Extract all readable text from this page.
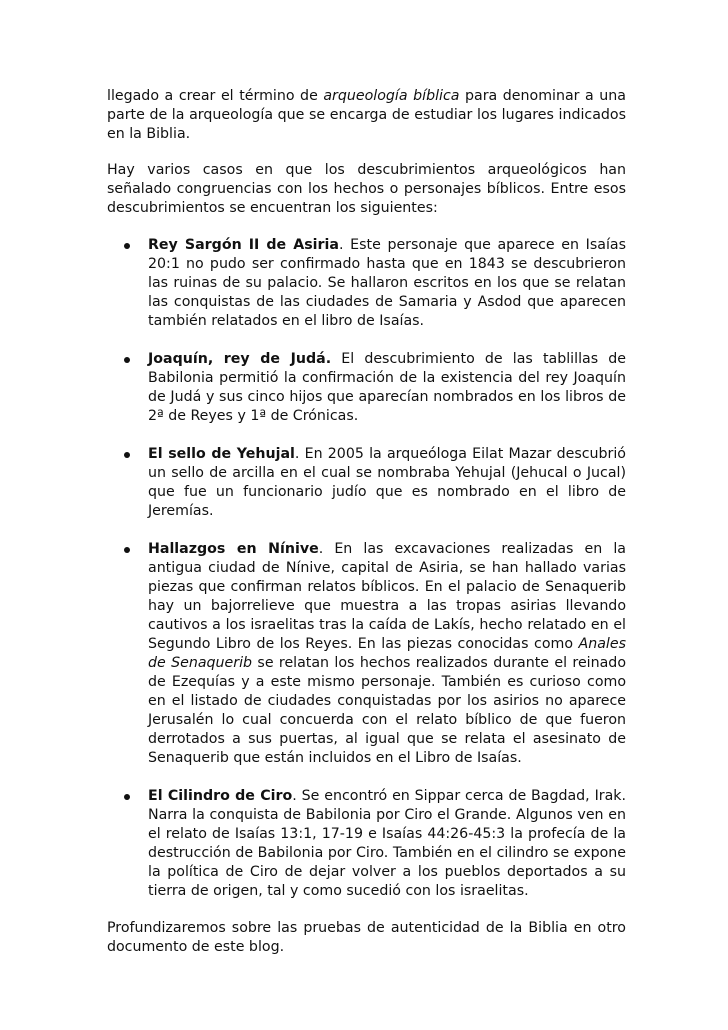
llegado a crear el término de arqueología bíblica para denominar a una parte de la arqueología que se encarga de estudiar los lugares indicados en la Biblia.

Hay varios casos en que los descubrimientos arqueológicos han señalado congruencias con los hechos o personajes bíblicos. Entre esos descubrimientos se encuentran los siguientes:

Rey Sargón II de Asiria. Este personaje que aparece en Isaías 20:1 no pudo ser confirmado hasta que en 1843 se descubrieron las ruinas de su palacio. Se hallaron escritos en los que se relatan las conquistas de las ciudades de Samaria y Asdod que aparecen también relatados en el libro de Isaías.
Joaquín, rey de Judá. El descubrimiento de las tablillas de Babilonia permitió la confirmación de la existencia del rey Joaquín de Judá y sus cinco hijos que aparecían nombrados en los libros de 2ª de Reyes y 1ª de Crónicas.
El sello de Yehujal. En 2005 la arqueóloga Eilat Mazar descubrió un sello de arcilla en el cual se nombraba Yehujal (Jehucal o Jucal) que fue un funcionario judío que es nombrado en el libro de Jeremías.
Hallazgos en Nínive. En las excavaciones realizadas en la antigua ciudad de Nínive, capital de Asiria, se han hallado varias piezas que confirman relatos bíblicos. En el palacio de Senaquerib hay un bajorrelieve que muestra a las tropas asirias llevando cautivos a los israelitas tras la caída de Lakís, hecho relatado en el Segundo Libro de los Reyes. En las piezas conocidas como Anales de Senaquerib se relatan los hechos realizados durante el reinado de Ezequías y a este mismo personaje. También es curioso como en el listado de ciudades conquistadas por los asirios no aparece Jerusalén lo cual concuerda con el relato bíblico de que fueron derrotados a sus puertas, al igual que se relata el asesinato de Senaquerib que están incluidos en el Libro de Isaías.
El Cilindro de Ciro. Se encontró en Sippar cerca de Bagdad, Irak. Narra la conquista de Babilonia por Ciro el Grande. Algunos ven en el relato de Isaías 13:1, 17-19 e Isaías 44:26-45:3 la profecía de la destrucción de Babilonia por Ciro. También en el cilindro se expone la política de Ciro de dejar volver a los pueblos deportados a su tierra de origen, tal y como sucedió con los israelitas.

Profundizaremos sobre las pruebas de autenticidad de la Biblia en otro documento de este blog.
